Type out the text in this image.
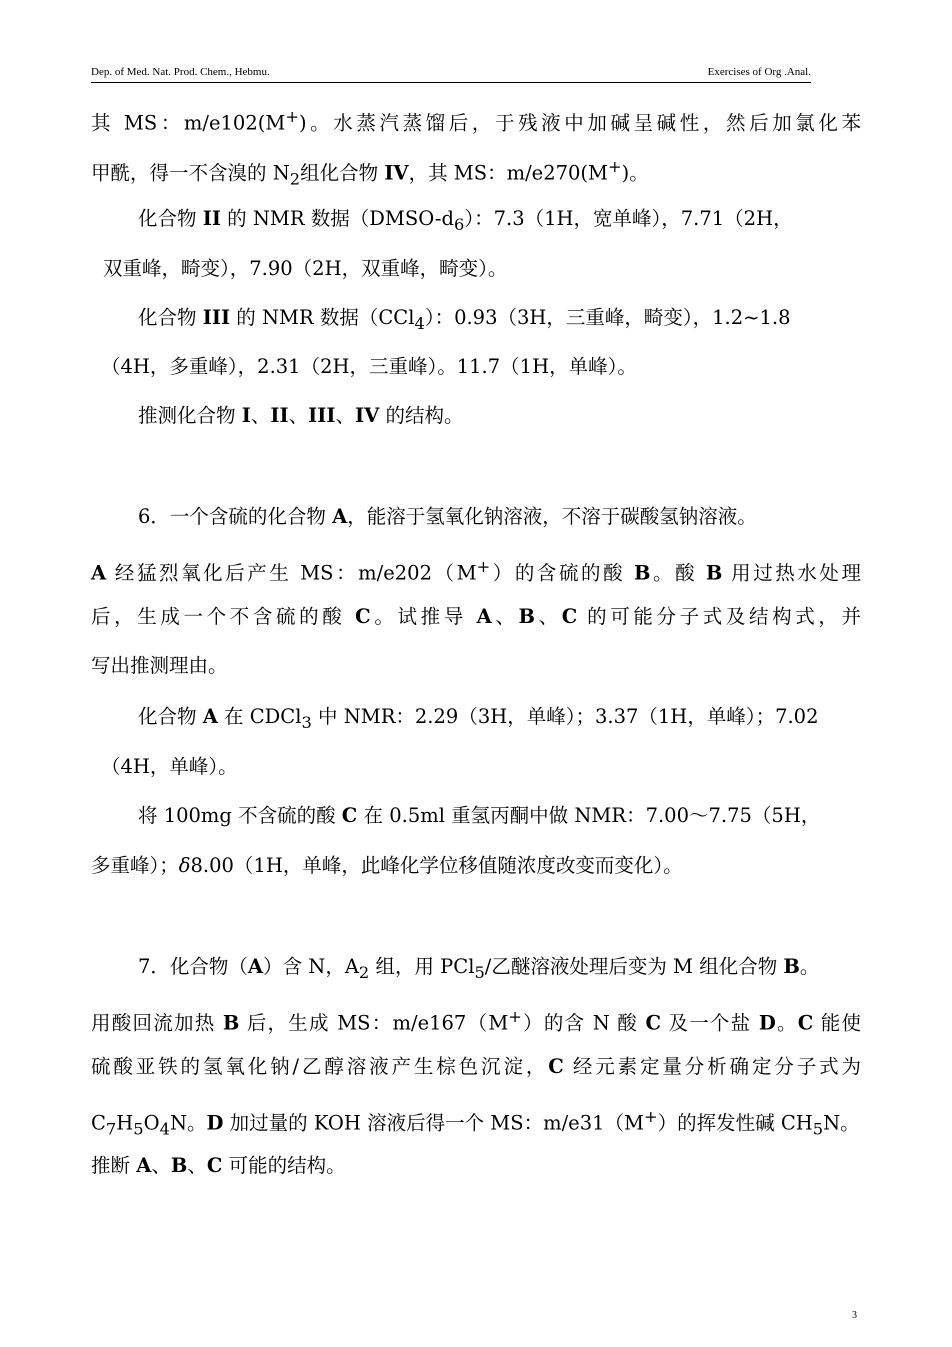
Dep. of Med. Nat. Prod. Chem., Hebmu.	Exercises of Org .Anal.
其 MS：m/e102(M+)。水蒸汽蒸馏后，于残液中加碱呈碱性，然后加氯化苯
甲酰，得一不含溴的 $N_2$组化合物 IV，其 MS：m/e270(M+)。
化合物 II 的 NMR 数据$(DMSO-d_6)$：7.3（1H，宽单峰），7.71（2H，
双重峰，畸变），7.90（2H，双重峰，畸变）。
化合物 III 的 NMR 数据（CCl$_4$）：0.93（3H，三重峰，畸变），1.2~1.8
（4H，多重峰），2.31（2H，三重峰）。11.7（1H，单峰）。
推测化合物 I、II、III、IV 的结构。
6．一个含硫的化合物 A，能溶于氢氧化钠溶液，不溶于碳酸氢钠溶液。
A 经猛烈氧化后产生 MS：m/e202（M+）的含硫的酸 B。酸 B 用过热水处理
后，生成一个不含硫的酸 C。试推导 A、B、C 的可能分子式及结构式，并
写出推测理由。
化合物 A 在 CDCl$_3$ 中 NMR：2.29（3H，单峰）；3.37（1H，单峰）；7.02
（4H，单峰）。
将 100mg 不含硫的酸 C 在 0.5ml 重氢丙酮中做 NMR：7.00～7.75（5H，
多重峰）；δ8.00（1H，单峰，此峰化学位移值随浓度改变而变化）。
7．化合物（A）含 N，$A_2$ 组，用 PCl$_5$/乙醚溶液处理后变为 M 组化合物 B。
用酸回流加热 B 后，生成 MS：m/e167（M+）的含 N 酸 C 及一个盐 D。C 能使
硫酸亚铁的氢氧化钠/乙醇溶液产生棕色沉淀，C 经元素定量分析确定分子式为
$C_7H_5O_4N$。D 加过量的 KOH 溶液后得一个 MS：m/e31（M+）的挥发性碱 $CH_5N$。
推断 A、B、C 可能的结构。
3
